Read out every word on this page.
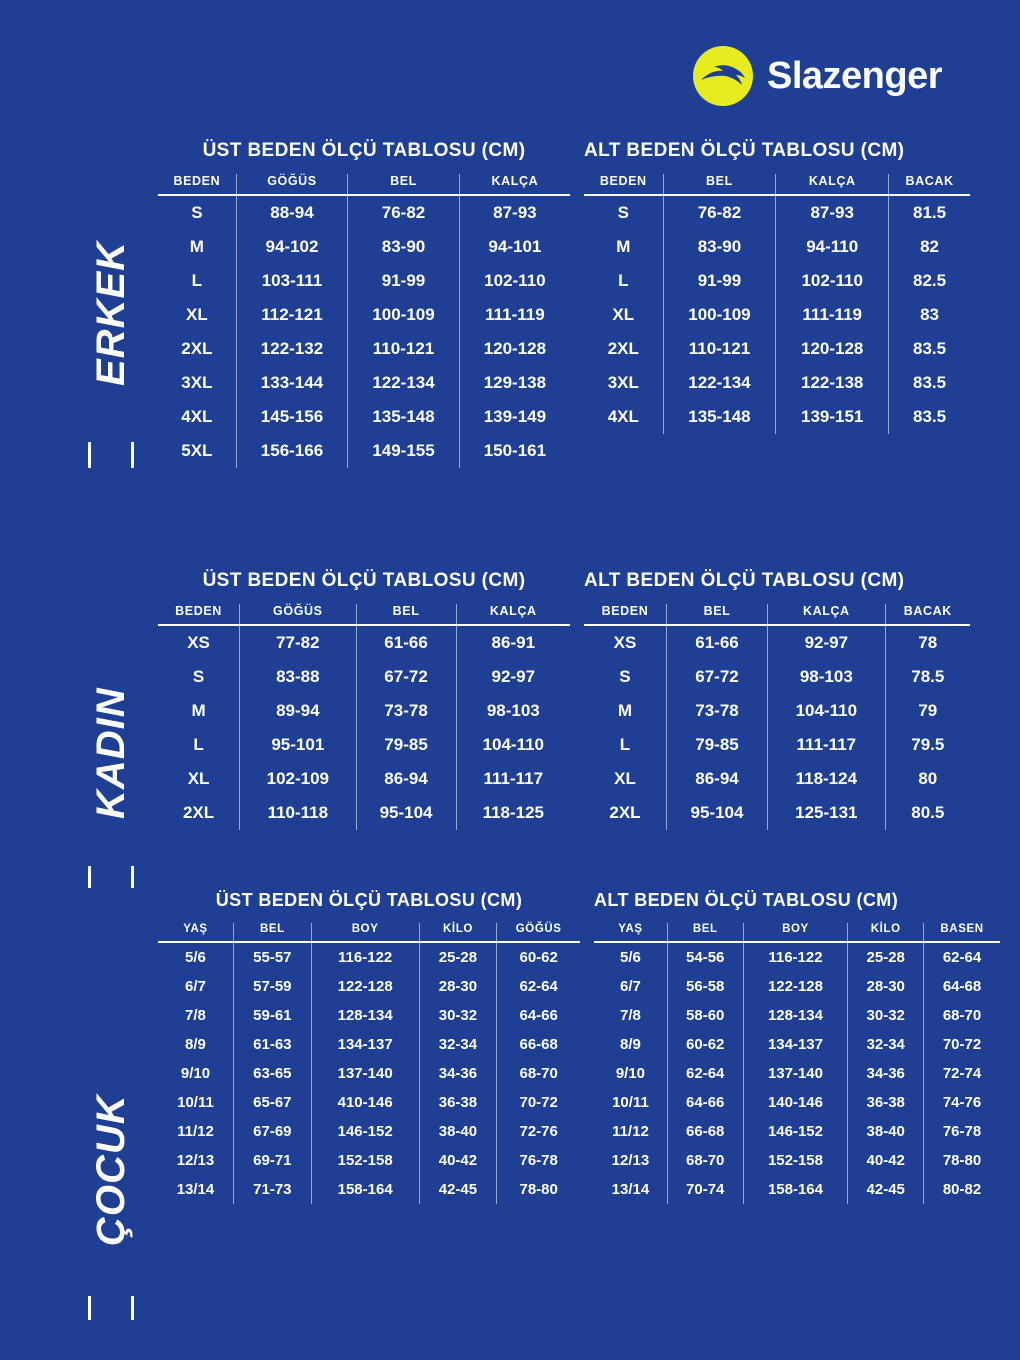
Slazenger
ERKEK
ÜST BEDEN ÖLÇÜ TABLOSU (CM)
BEDEN	GÖĞÜS	BEL	KALÇA
S	88-94	76-82	87-93
M	94-102	83-90	94-101
L	103-111	91-99	102-110
XL	112-121	100-109	111-119
2XL	122-132	110-121	120-128
3XL	133-144	122-134	129-138
4XL	145-156	135-148	139-149
5XL	156-166	149-155	150-161
ALT BEDEN ÖLÇÜ TABLOSU (CM)
BEDEN	BEL	KALÇA	BACAK
S	76-82	87-93	81.5
M	83-90	94-110	82
L	91-99	102-110	82.5
XL	100-109	111-119	83
2XL	110-121	120-128	83.5
3XL	122-134	122-138	83.5
4XL	135-148	139-151	83.5
KADIN
ÜST BEDEN ÖLÇÜ TABLOSU (CM)
BEDEN	GÖĞÜS	BEL	KALÇA
XS	77-82	61-66	86-91
S	83-88	67-72	92-97
M	89-94	73-78	98-103
L	95-101	79-85	104-110
XL	102-109	86-94	111-117
2XL	110-118	95-104	118-125
ALT BEDEN ÖLÇÜ TABLOSU (CM)
BEDEN	BEL	KALÇA	BACAK
XS	61-66	92-97	78
S	67-72	98-103	78.5
M	73-78	104-110	79
L	79-85	111-117	79.5
XL	86-94	118-124	80
2XL	95-104	125-131	80.5
ÇOCUK
ÜST BEDEN ÖLÇÜ TABLOSU (CM)
YAŞ	BEL	BOY	KİLO	GÖĞÜS
5/6	55-57	116-122	25-28	60-62
6/7	57-59	122-128	28-30	62-64
7/8	59-61	128-134	30-32	64-66
8/9	61-63	134-137	32-34	66-68
9/10	63-65	137-140	34-36	68-70
10/11	65-67	410-146	36-38	70-72
11/12	67-69	146-152	38-40	72-76
12/13	69-71	152-158	40-42	76-78
13/14	71-73	158-164	42-45	78-80
ALT BEDEN ÖLÇÜ TABLOSU (CM)
YAŞ	BEL	BOY	KİLO	BASEN
5/6	54-56	116-122	25-28	62-64
6/7	56-58	122-128	28-30	64-68
7/8	58-60	128-134	30-32	68-70
8/9	60-62	134-137	32-34	70-72
9/10	62-64	137-140	34-36	72-74
10/11	64-66	140-146	36-38	74-76
11/12	66-68	146-152	38-40	76-78
12/13	68-70	152-158	40-42	78-80
13/14	70-74	158-164	42-45	80-82
